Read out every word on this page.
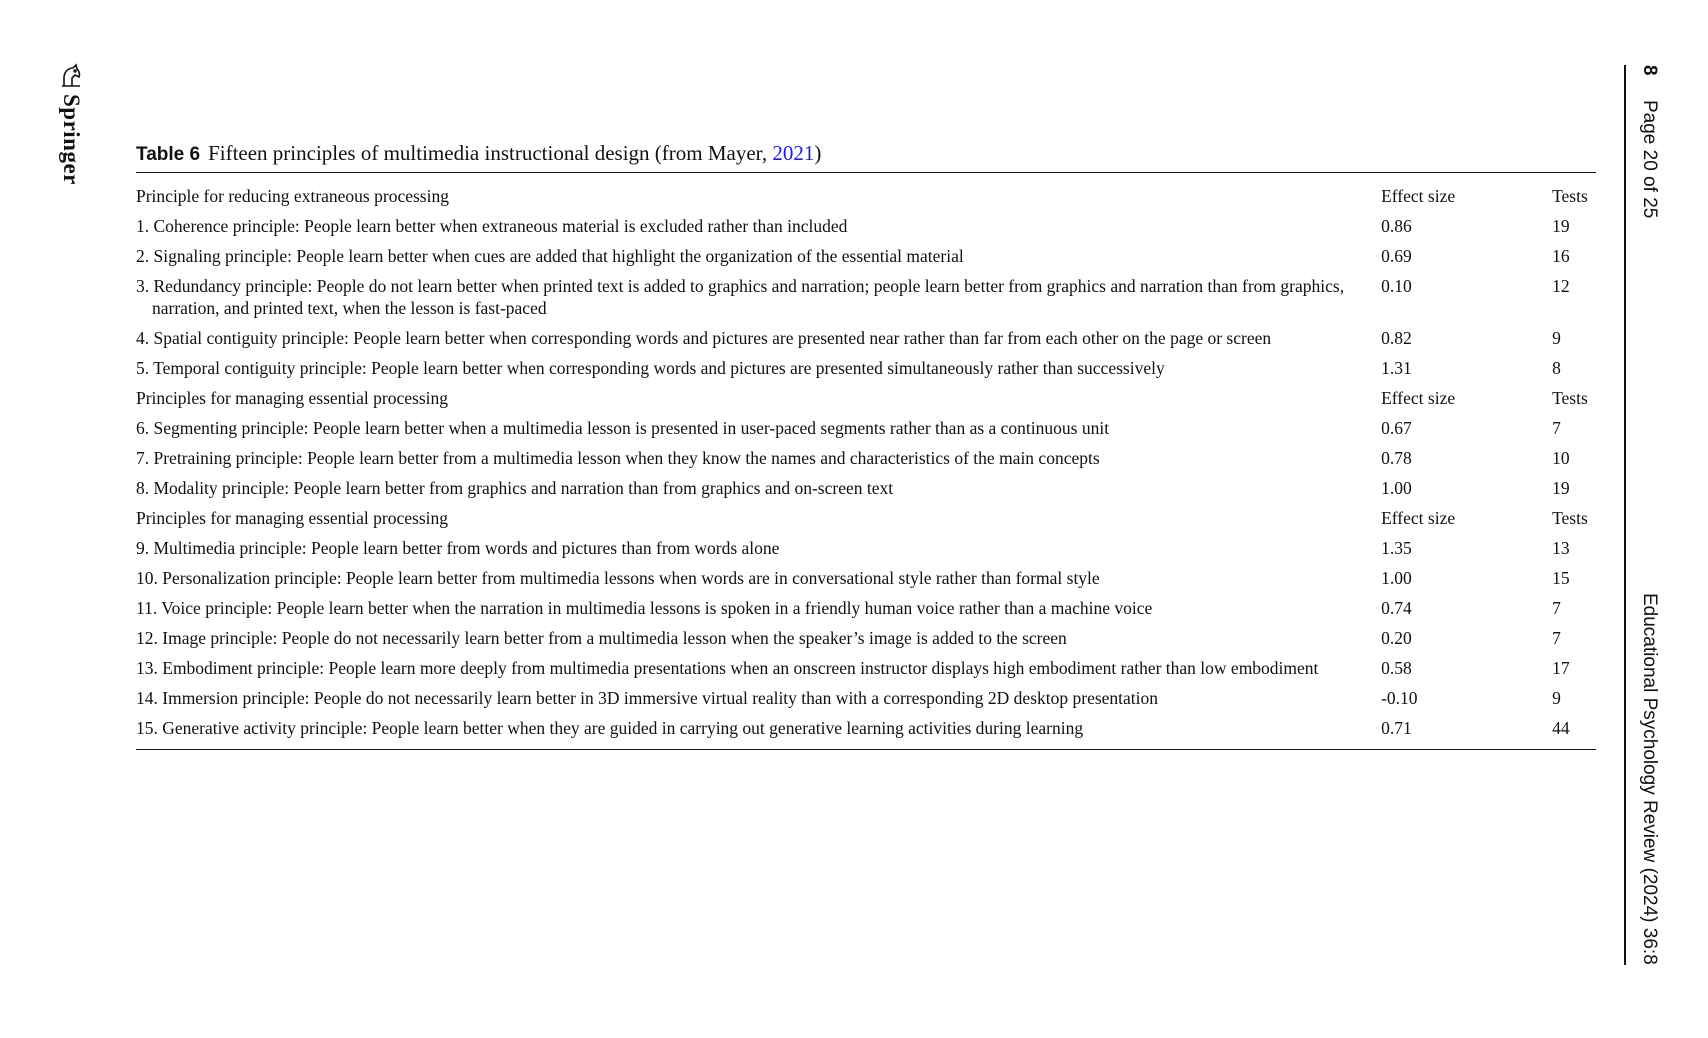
Springer
8
Page 20 of 25
Educational Psychology Review (2024) 36:8
Table 6 Fifteen principles of multimedia instructional design (from Mayer, 2021)
Principle for reducing extraneous processing	Effect size	Tests

1. Coherence principle: People learn better when extraneous material is excluded rather than included	0.86	19

2. Signaling principle: People learn better when cues are added that highlight the organization of the essential material	0.69	16

3. Redundancy principle: People do not learn better when printed text is added to graphics and narration; people learn better from graphics and narration than from graphics, narration, and printed text, when the lesson is fast-paced	0.10	12

4. Spatial contiguity principle: People learn better when corresponding words and pictures are presented near rather than far from each other on the page or screen	0.82	9

5. Temporal contiguity principle: People learn better when corresponding words and pictures are presented simultaneously rather than successively	1.31	8

Principles for managing essential processing	Effect size	Tests

6. Segmenting principle: People learn better when a multimedia lesson is presented in user-paced segments rather than as a continuous unit	0.67	7

7. Pretraining principle: People learn better from a multimedia lesson when they know the names and characteristics of the main concepts	0.78	10

8. Modality principle: People learn better from graphics and narration than from graphics and on-screen text	1.00	19

Principles for managing essential processing	Effect size	Tests

9. Multimedia principle: People learn better from words and pictures than from words alone	1.35	13

10. Personalization principle: People learn better from multimedia lessons when words are in conversational style rather than formal style	1.00	15

11. Voice principle: People learn better when the narration in multimedia lessons is spoken in a friendly human voice rather than a machine voice	0.74	7

12. Image principle: People do not necessarily learn better from a multimedia lesson when the speaker’s image is added to the screen	0.20	7

13. Embodiment principle: People learn more deeply from multimedia presentations when an onscreen instructor displays high embodiment rather than low embodiment	0.58	17

14. Immersion principle: People do not necessarily learn better in 3D immersive virtual reality than with a corresponding 2D desktop presentation	-0.10	9

15. Generative activity principle: People learn better when they are guided in carrying out generative learning activities during learning	0.71	44
